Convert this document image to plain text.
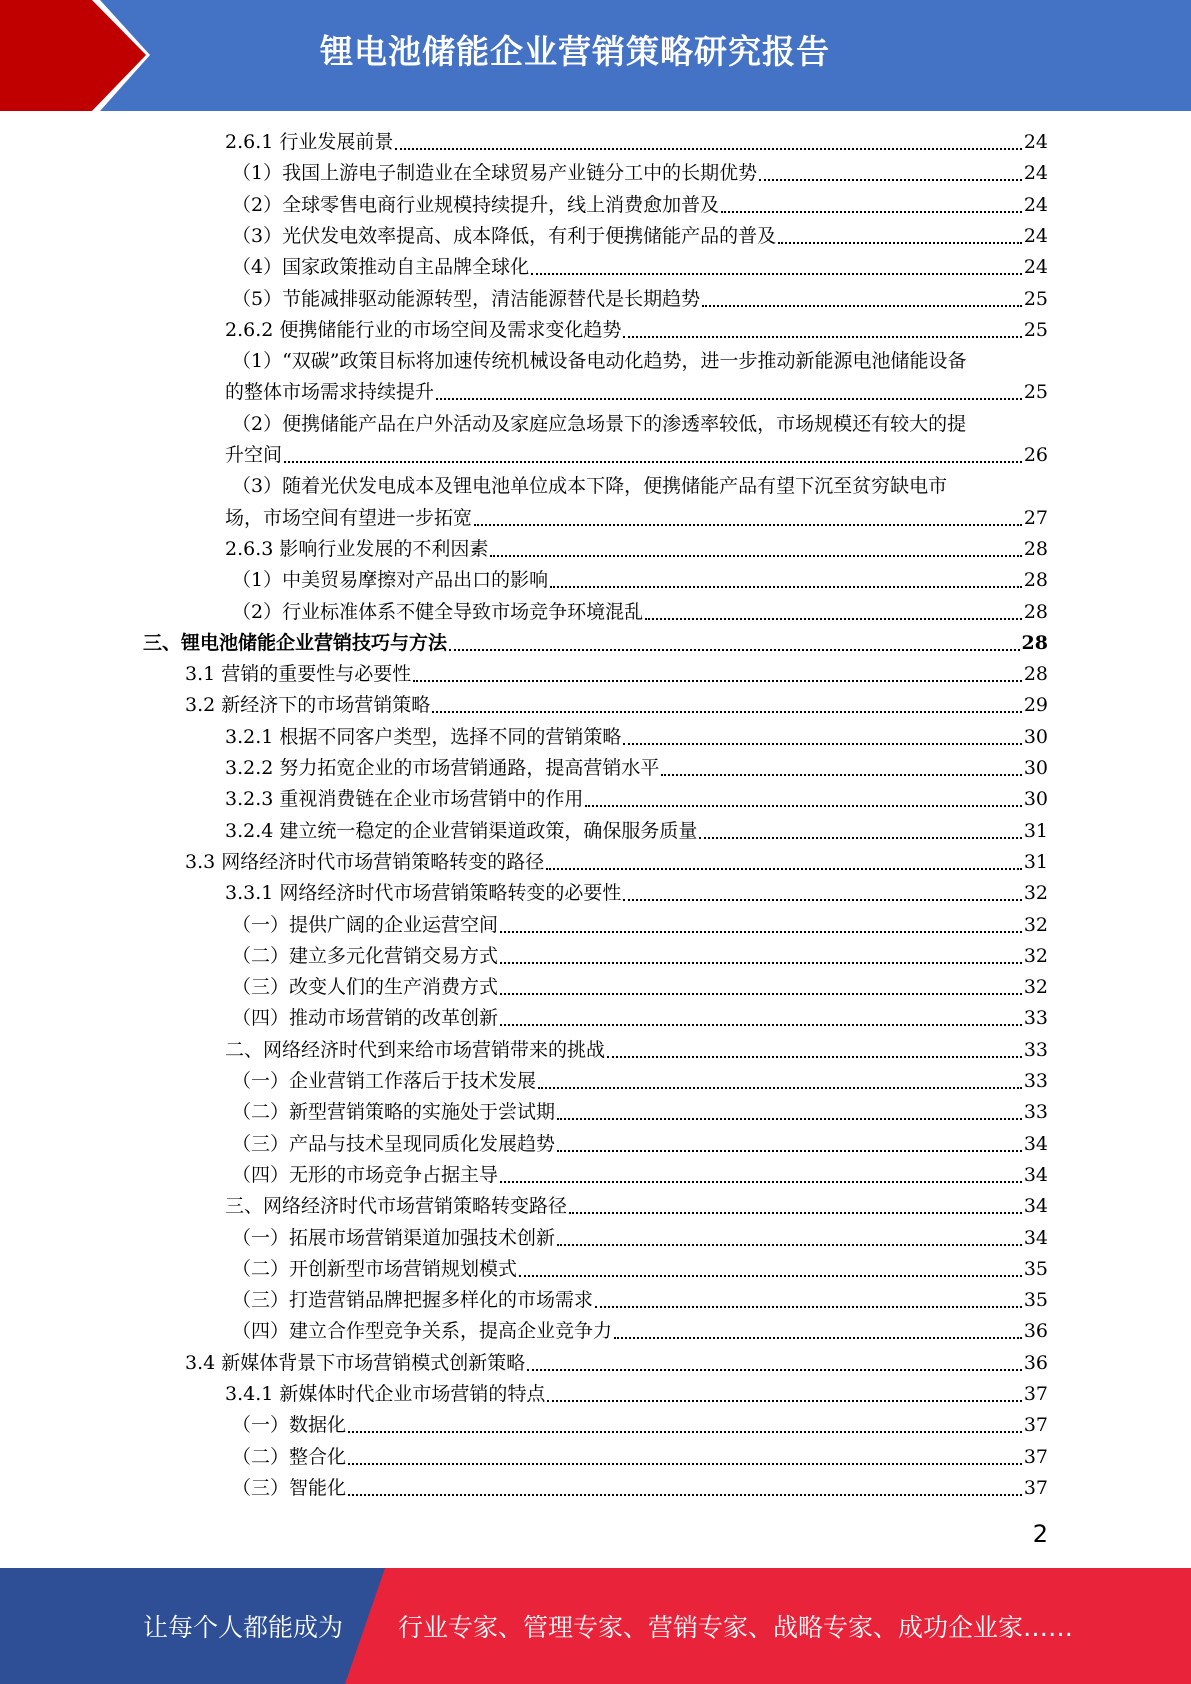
锂电池储能企业营销策略研究报告
2.6.1 行业发展前景	24
（1）我国上游电子制造业在全球贸易产业链分工中的长期优势	24
（2）全球零售电商行业规模持续提升，线上消费愈加普及	24
（3）光伏发电效率提高、成本降低，有利于便携储能产品的普及	24
（4）国家政策推动自主品牌全球化	24
（5）节能减排驱动能源转型，清洁能源替代是长期趋势	25
2.6.2 便携储能行业的市场空间及需求变化趋势	25
（1）“双碳”政策目标将加速传统机械设备电动化趋势，进一步推动新能源电池储能设备
的整体市场需求持续提升	25
（2）便携储能产品在户外活动及家庭应急场景下的渗透率较低，市场规模还有较大的提
升空间	26
（3）随着光伏发电成本及锂电池单位成本下降，便携储能产品有望下沉至贫穷缺电市
场，市场空间有望进一步拓宽	27
2.6.3 影响行业发展的不利因素	28
（1）中美贸易摩擦对产品出口的影响	28
（2）行业标准体系不健全导致市场竞争环境混乱	28
三、锂电池储能企业营销技巧与方法	28
3.1 营销的重要性与必要性	28
3.2 新经济下的市场营销策略	29
3.2.1 根据不同客户类型，选择不同的营销策略	30
3.2.2 努力拓宽企业的市场营销通路，提高营销水平	30
3.2.3 重视消费链在企业市场营销中的作用	30
3.2.4 建立统一稳定的企业营销渠道政策，确保服务质量	31
3.3 网络经济时代市场营销策略转变的路径	31
3.3.1 网络经济时代市场营销策略转变的必要性	32
（一）提供广阔的企业运营空间	32
（二）建立多元化营销交易方式	32
（三）改变人们的生产消费方式	32
（四）推动市场营销的改革创新	33
二、网络经济时代到来给市场营销带来的挑战	33
（一）企业营销工作落后于技术发展	33
（二）新型营销策略的实施处于尝试期	33
（三）产品与技术呈现同质化发展趋势	34
（四）无形的市场竞争占据主导	34
三、网络经济时代市场营销策略转变路径	34
（一）拓展市场营销渠道加强技术创新	34
（二）开创新型市场营销规划模式	35
（三）打造营销品牌把握多样化的市场需求	35
（四）建立合作型竞争关系，提高企业竞争力	36
3.4 新媒体背景下市场营销模式创新策略	36
3.4.1 新媒体时代企业市场营销的特点	37
（一）数据化	37
（二）整合化	37
（三）智能化	37
2
让每个人都能成为 行业专家、管理专家、营销专家、战略专家、成功企业家……
